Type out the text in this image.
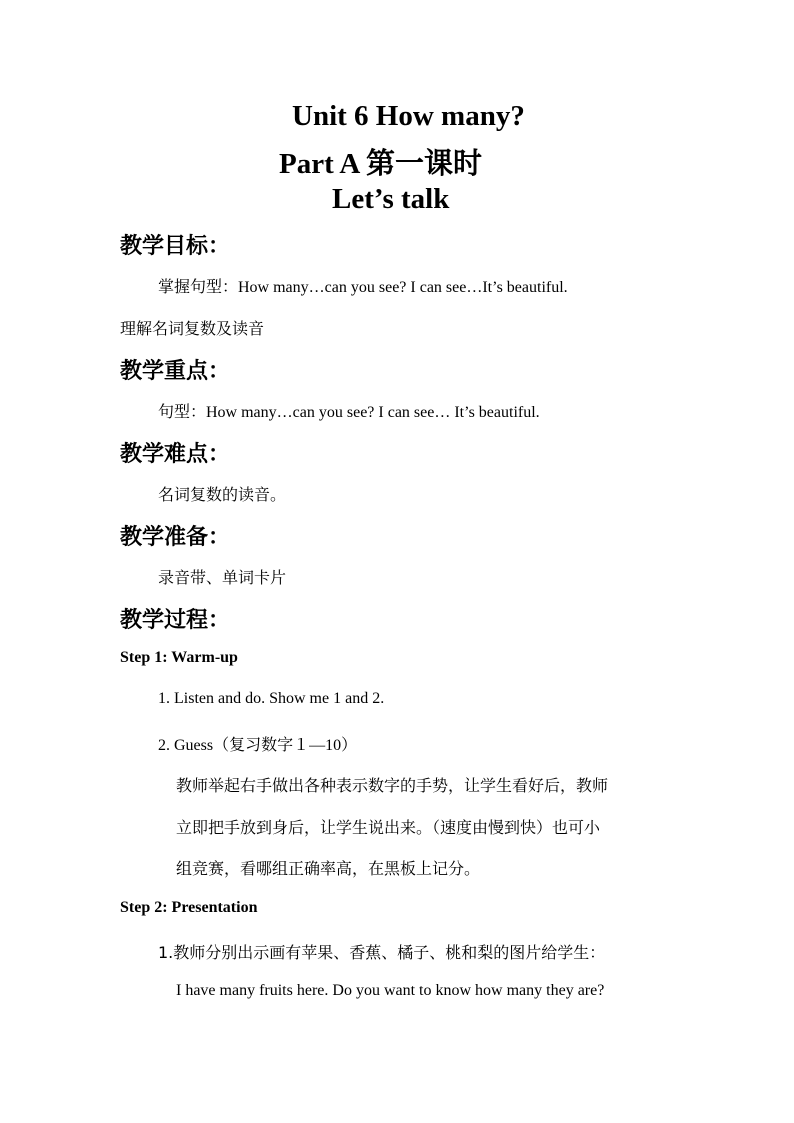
Unit 6 How many?
Part A 第一课时
Let’s talk
教学目标：
掌握句型：How many…can you see? I can see…It’s beautiful.
理解名词复数及读音
教学重点：
句型：How many…can you see? I can see… It’s beautiful.
教学难点：
名词复数的读音。
教学准备：
录音带、单词卡片
教学过程：
Step 1: Warm-up
1. Listen and do. Show me 1 and 2.
2. Guess（复习数字１—10）
教师举起右手做出各种表示数字的手势，让学生看好后，教师
立即把手放到身后，让学生说出来。（速度由慢到快）也可小
组竞赛，看哪组正确率高，在黑板上记分。
Step 2: Presentation
1.教师分别出示画有苹果、香蕉、橘子、桃和梨的图片给学生：
I have many fruits here. Do you want to know how many they are?
